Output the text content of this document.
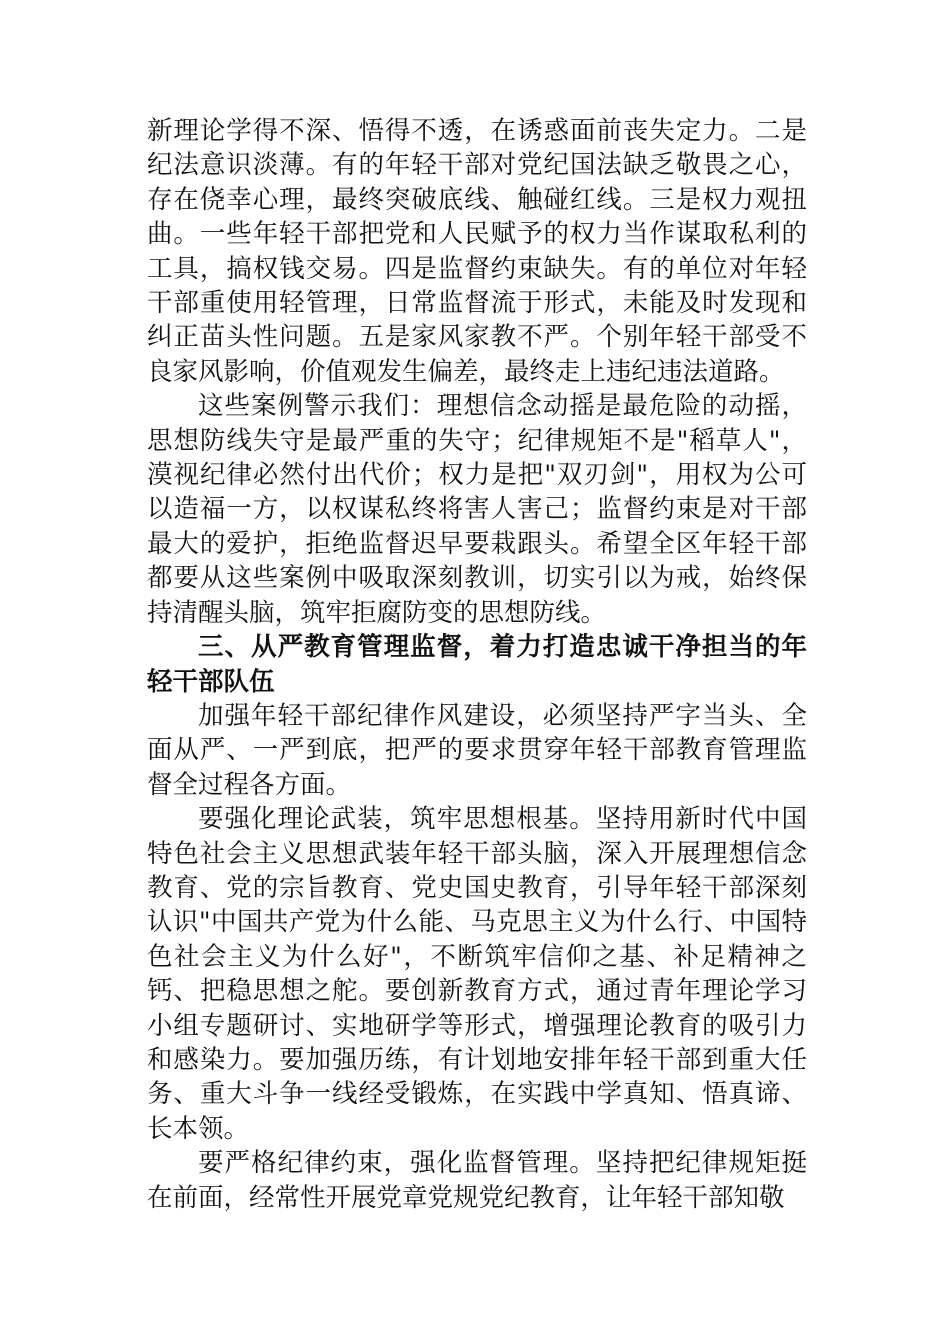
新理论学得不深、悟得不透，在诱惑面前丧失定力。二是纪法意识淡薄。有的年轻干部对党纪国法缺乏敬畏之心，存在侥幸心理，最终突破底线、触碰红线。三是权力观扭曲。一些年轻干部把党和人民赋予的权力当作谋取私利的工具，搞权钱交易。四是监督约束缺失。有的单位对年轻干部重使用轻管理，日常监督流于形式，未能及时发现和纠正苗头性问题。五是家风家教不严。个别年轻干部受不良家风影响，价值观发生偏差，最终走上违纪违法道路。

这些案例警示我们：理想信念动摇是最危险的动摇，思想防线失守是最严重的失守；纪律规矩不是"稻草人"，漠视纪律必然付出代价；权力是把"双刃剑"，用权为公可以造福一方，以权谋私终将害人害己；监督约束是对干部最大的爱护，拒绝监督迟早要栽跟头。希望全区年轻干部都要从这些案例中吸取深刻教训，切实引以为戒，始终保持清醒头脑，筑牢拒腐防变的思想防线。

三、从严教育管理监督，着力打造忠诚干净担当的年轻干部队伍

加强年轻干部纪律作风建设，必须坚持严字当头、全面从严、一严到底，把严的要求贯穿年轻干部教育管理监督全过程各方面。

要强化理论武装，筑牢思想根基。坚持用新时代中国特色社会主义思想武装年轻干部头脑，深入开展理想信念教育、党的宗旨教育、党史国史教育，引导年轻干部深刻认识"中国共产党为什么能、马克思主义为什么行、中国特色社会主义为什么好"，不断筑牢信仰之基、补足精神之钙、把稳思想之舵。要创新教育方式，通过青年理论学习小组专题研讨、实地研学等形式，增强理论教育的吸引力和感染力。要加强历练，有计划地安排年轻干部到重大任务、重大斗争一线经受锻炼，在实践中学真知、悟真谛、长本领。

要严格纪律约束，强化监督管理。坚持把纪律规矩挺在前面，经常性开展党章党规党纪教育，让年轻干部知敬
